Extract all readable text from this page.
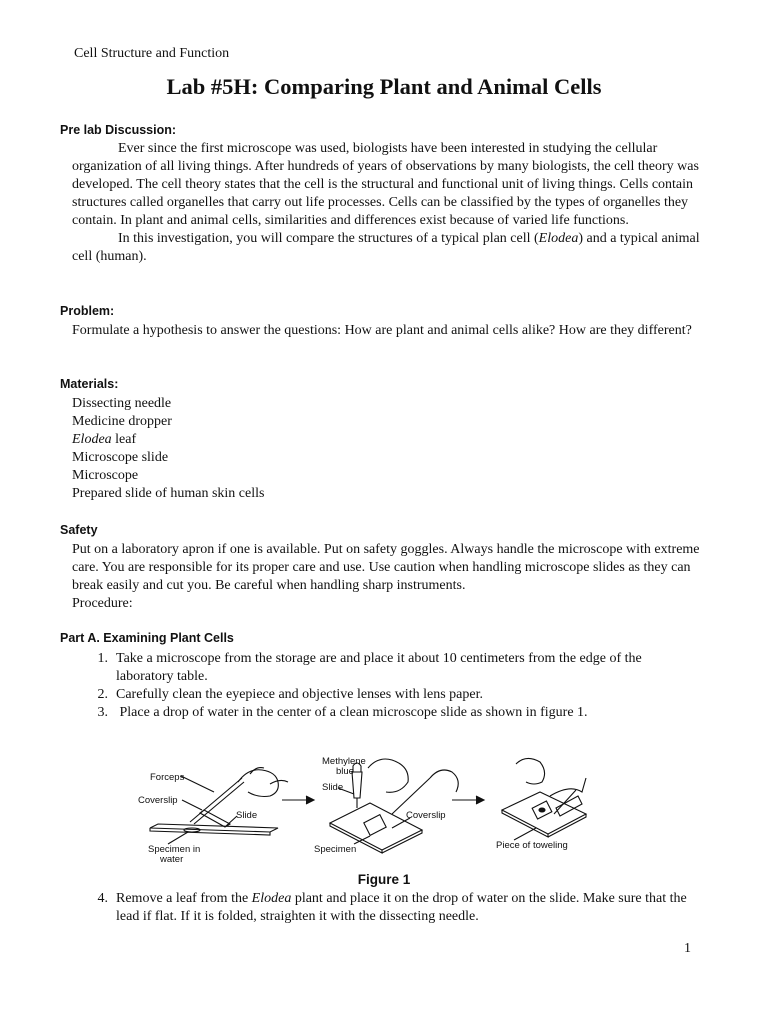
Cell Structure and Function
Lab #5H: Comparing Plant and Animal Cells
Pre lab Discussion:

Ever since the first microscope was used, biologists have been interested in studying the cellular organization of all living things. After hundreds of years of observations by many biologists, the cell theory was developed. The cell theory states that the cell is the structural and functional unit of living things. Cells contain structures called organelles that carry out life processes. Cells can be classified by the types of organelles they contain. In plant and animal cells, similarities and differences exist because of varied life functions.

In this investigation, you will compare the structures of a typical plan cell (Elodea) and a typical animal cell (human).

Problem:
Formulate a hypothesis to answer the questions: How are plant and animal cells alike? How are they different?
Materials:
Dissecting needle
Medicine dropper
Elodea leaf
Microscope slide
Microscope
Prepared slide of human skin cells
Safety

Put on a laboratory apron if one is available. Put on safety goggles. Always handle the microscope with extreme care. You are responsible for its proper care and use. Use caution when handling microscope slides as they can break easily and cut you. Be careful when handling sharp instruments.

Procedure:

Part A. Examining Plant Cells
1. Take a microscope from the storage are and place it about 10 centimeters from the edge of the laboratory table.
2. Carefully clean the eyepiece and objective lenses with lens paper.
3. Place a drop of water in the center of a clean microscope slide as shown in figure 1.
Forceps
Coverslip
Slide
Specimen in
water
Methylene
blue
Slide
Coverslip
Specimen	Piece of toweling
Figure 1
4. Remove a leaf from the Elodea plant and place it on the drop of water on the slide. Make sure that the lead if flat. If it is folded, straighten it with the dissecting needle.
1
